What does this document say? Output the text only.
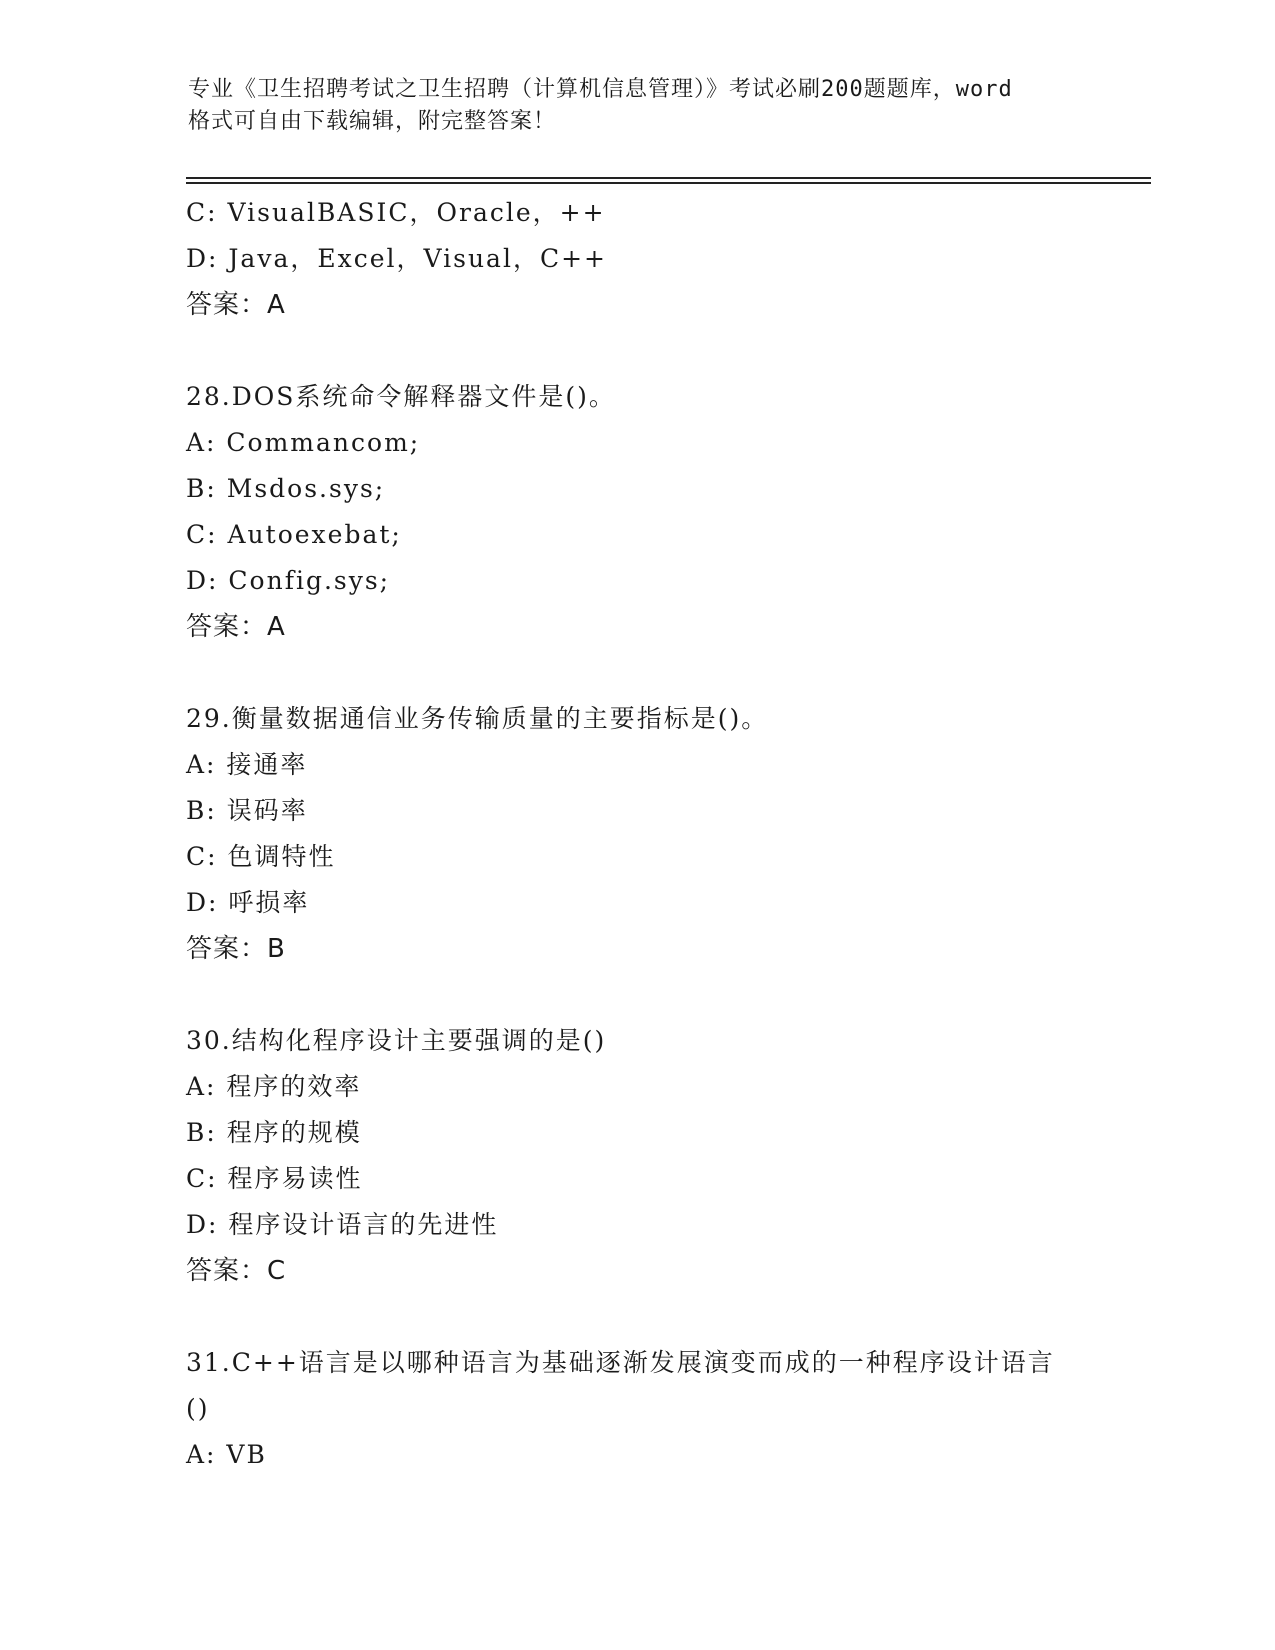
专业《卫生招聘考试之卫生招聘（计算机信息管理）》考试必刷200题题库，word
格式可自由下载编辑，附完整答案！
C: VisualBASIC，Oracle，++
D: Java，Excel，Visual，C++
答案：A
28.DOS系统命令解释器文件是()。
A: Commancom;
B: Msdos.sys;
C: Autoexebat;
D: Config.sys;
答案：A
29.衡量数据通信业务传输质量的主要指标是()。
A: 接通率
B: 误码率
C: 色调特性
D: 呼损率
答案：B
30.结构化程序设计主要强调的是()
A: 程序的效率
B: 程序的规模
C: 程序易读性
D: 程序设计语言的先进性
答案：C
31.C++语言是以哪种语言为基础逐渐发展演变而成的一种程序设计语言()
A: VB
